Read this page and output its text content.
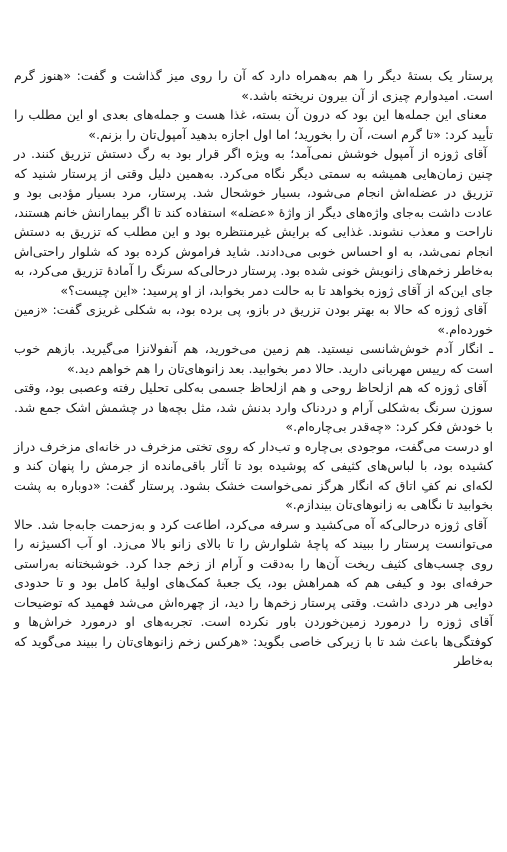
پرستار یک بستهٔ دیگر را هم به‌همراه دارد که آن را روی میز گذاشت و گفت: «هنوز گرم است. امیدوارم چیزی از آن بیرون نریخته باشد.»

معنای این جمله‌ها این بود که درون آن بسته، غذا هست و جمله‌های بعدی او این مطلب را تأیید کرد: «تا گرم است، آن را بخورید؛ اما اول اجازه بدهید آمپول‌تان را بزنم.»

آقای ژوزه از آمپول خوشش نمی‌آمد؛ به ویژه اگر قرار بود به رگ دستش تزریق کنند. در چنین زمان‌هایی همیشه به سمتی دیگر نگاه می‌کرد. به‌همین دلیل وقتی از پرستار شنید که تزریق در عضله‌اش انجام می‌شود، بسیار خوشحال شد. پرستار، مرد بسیار مؤدبی بود و عادت داشت به‌جای واژه‌های دیگر از واژهٔ «عضله» استفاده کند تا اگر بیمارانش خانم هستند، ناراحت و معذب نشوند. غذایی که برایش غیرمنتظره بود و این مطلب که تزریق به دستش انجام نمی‌شد، به او احساس خوبی می‌دادند. شاید فراموش کرده بود که شلوار راحتی‌اش به‌خاطر زخم‌های زانویش خونی شده بود. پرستار درحالی‌که سرنگ را آمادهٔ تزریق می‌کرد، به جای این‌که از آقای ژوزه بخواهد تا به حالت دمر بخوابد، از او پرسید: «این چیست؟»

آقای ژوزه که حالا به بهتر بودن تزریق در بازو، پی برده بود، به شکلی غریزی گفت: «زمین خورده‌ام.»

ـ انگار آدم خوش‌شانسی نیستید. هم زمین می‌خورید، هم آنفولانزا می‌گیرید. بازهم خوب است که رییس مهربانی دارید. حالا دمر بخوابید. بعد زانوهای‌تان را هم خواهم دید.»

آقای ژوزه که هم ازلحاظ روحی و هم ازلحاظ جسمی به‌کلی تحلیل رفته وعصبی بود، وقتی سوزن سرنگ به‌شکلی آرام و دردناک وارد بدنش شد، مثل بچه‌ها در چشمش اشک جمع شد. با خودش فکر کرد: «چه‌قدر بی‌چاره‌ام.»

او درست می‌گفت، موجودی بی‌چاره و تب‌دار که روی تختی مزخرف در خانه‌ای مزخرف دراز کشیده بود، با لباس‌های کثیفی که پوشیده بود تا آثار باقی‌مانده از جرمش را پنهان کند و لکه‌ای نم کفِ اتاق که انگار هرگز نمی‌خواست خشک بشود. پرستار گفت: «دوباره به پشت بخوابید تا نگاهی به زانوهای‌تان بیندازم.»

آقای ژوزه درحالی‌که آه می‌کشید و سرفه می‌کرد، اطاعت کرد و به‌زحمت جابه‌جا شد. حالا می‌توانست پرستار را ببیند که پاچهٔ شلوارش را تا بالای زانو بالا می‌زد. او آب اکسیژنه را روی چسب‌های کثیف ریخت آن‌ها را به‌دقت و آرام از زخم جدا کرد. خوشبختانه به‌راستی حرفه‌ای بود و کیفی هم که همراهش بود، یک جعبهٔ کمک‌های اولیهٔ کامل بود و تا حدودی دوایی هر دردی داشت. وقتی پرستار زخم‌ها را دید، از چهره‌اش می‌شد فهمید که توضیحات آقای ژوزه را درمورد زمین‌خوردن باور نکرده است. تجربه‌های او درمورد خراش‌ها و کوفتگی‌ها باعث شد تا با زیرکی خاصی بگوید: «هرکس زخم زانوهای‌تان را ببیند می‌گوید که به‌خاطر
